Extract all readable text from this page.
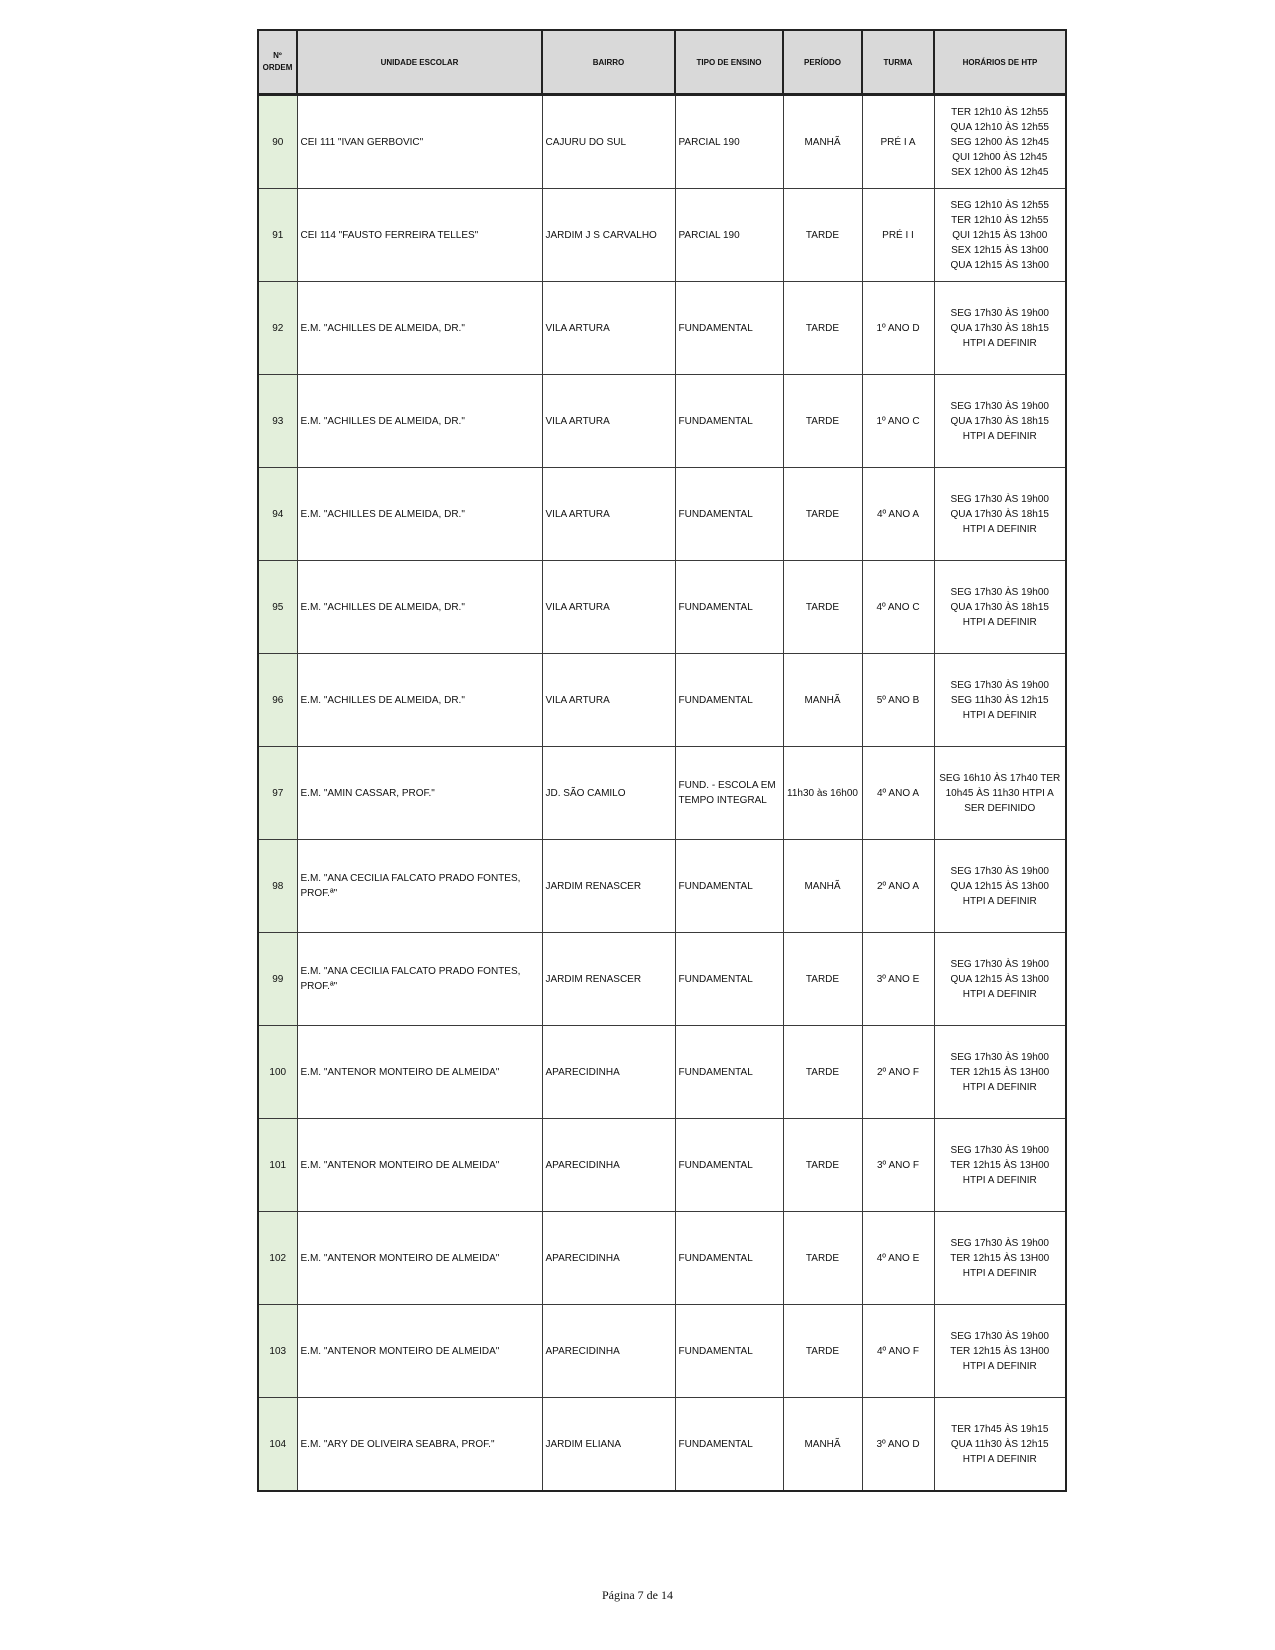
Nº
ORDEM	UNIDADE ESCOLAR	BAIRRO	TIPO DE ENSINO	PERÍODO	TURMA	HORÁRIOS DE HTP
90	CEI 111 "IVAN GERBOVIC"	CAJURU DO SUL	PARCIAL 190	MANHÃ	PRÉ I A	TER 12h10 ÀS 12h55
QUA 12h10 ÀS 12h55
SEG 12h00 ÀS 12h45
QUI 12h00 ÀS 12h45
SEX 12h00 ÀS 12h45

91	CEI 114 "FAUSTO FERREIRA TELLES"	JARDIM J S CARVALHO	PARCIAL 190	TARDE	PRÉ I I	SEG 12h10 ÀS 12h55
TER 12h10 ÀS 12h55
QUI 12h15 ÀS 13h00
SEX 12h15 ÀS 13h00
QUA 12h15 ÀS 13h00

92	E.M. "ACHILLES DE ALMEIDA, DR."	VILA ARTURA	FUNDAMENTAL	TARDE	1º ANO D	SEG 17h30 ÀS 19h00
QUA 17h30 ÀS 18h15
HTPI A DEFINIR

93	E.M. "ACHILLES DE ALMEIDA, DR."	VILA ARTURA	FUNDAMENTAL	TARDE	1º ANO C	SEG 17h30 ÀS 19h00
QUA 17h30 ÀS 18h15
HTPI A DEFINIR

94	E.M. "ACHILLES DE ALMEIDA, DR."	VILA ARTURA	FUNDAMENTAL	TARDE	4º ANO A	SEG 17h30 ÀS 19h00
QUA 17h30 ÀS 18h15
HTPI A DEFINIR

95	E.M. "ACHILLES DE ALMEIDA, DR."	VILA ARTURA	FUNDAMENTAL	TARDE	4º ANO C	SEG 17h30 ÀS 19h00
QUA 17h30 ÀS 18h15
HTPI A DEFINIR

96	E.M. "ACHILLES DE ALMEIDA, DR."	VILA ARTURA	FUNDAMENTAL	MANHÃ	5º ANO B	SEG 17h30 ÀS 19h00
SEG 11h30 ÀS 12h15
HTPI A DEFINIR

97	E.M. "AMIN CASSAR, PROF."	JD. SÃO CAMILO	FUND. - ESCOLA EM TEMPO INTEGRAL	11h30 às 16h00	4º ANO A	SEG 16h10 ÀS 17h40 TER 10h45 ÀS 11h30 HTPI A SER DEFINIDO

98	E.M. "ANA CECILIA FALCATO PRADO FONTES, PROF.ª"	JARDIM RENASCER	FUNDAMENTAL	MANHÃ	2º ANO A	SEG 17h30 ÀS 19h00
QUA 12h15 ÀS 13h00
HTPI A DEFINIR

99	E.M. "ANA CECILIA FALCATO PRADO FONTES, PROF.ª"	JARDIM RENASCER	FUNDAMENTAL	TARDE	3º ANO E	SEG 17h30 ÀS 19h00
QUA 12h15 ÀS 13h00
HTPI A DEFINIR

100	E.M. "ANTENOR MONTEIRO DE ALMEIDA"	APARECIDINHA	FUNDAMENTAL	TARDE	2º ANO F	SEG 17h30 ÀS 19h00
TER 12h15 ÀS 13H00
HTPI A DEFINIR

101	E.M. "ANTENOR MONTEIRO DE ALMEIDA"	APARECIDINHA	FUNDAMENTAL	TARDE	3º ANO F	SEG 17h30 ÀS 19h00
TER 12h15 ÀS 13H00
HTPI A DEFINIR

102	E.M. "ANTENOR MONTEIRO DE ALMEIDA"	APARECIDINHA	FUNDAMENTAL	TARDE	4º ANO E	SEG 17h30 ÀS 19h00
TER 12h15 ÀS 13H00
HTPI A DEFINIR

103	E.M. "ANTENOR MONTEIRO DE ALMEIDA"	APARECIDINHA	FUNDAMENTAL	TARDE	4º ANO F	SEG 17h30 ÀS 19h00
TER 12h15 ÀS 13H00
HTPI A DEFINIR

104	E.M. "ARY DE OLIVEIRA SEABRA, PROF."	JARDIM ELIANA	FUNDAMENTAL	MANHÃ	3º ANO D	TER 17h45 ÀS 19h15
QUA 11h30 ÀS 12h15
HTPI A DEFINIR
Página 7 de 14
